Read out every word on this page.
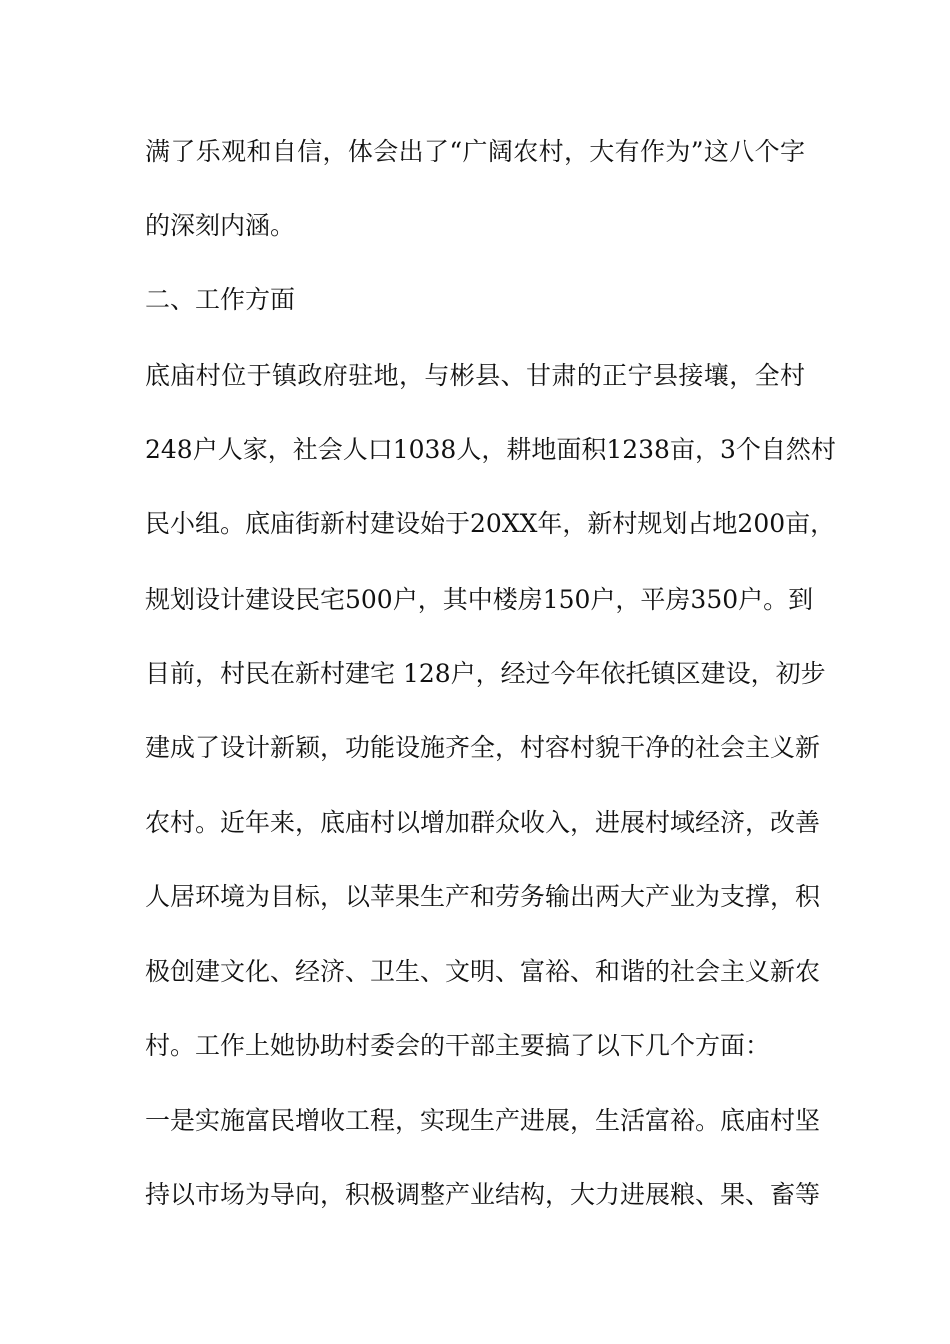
满了乐观和自信，体会出了“广阔农村，大有作为”这八个字
的深刻内涵。
二、工作方面
底庙村位于镇政府驻地，与彬县、甘肃的正宁县接壤，全村
248户人家，社会人口1038人，耕地面积1238亩，3个自然村
民小组。底庙街新村建设始于20XX年，新村规划占地200亩，
规划设计建设民宅500户，其中楼房150户，平房350户。到
目前，村民在新村建宅 128户，经过今年依托镇区建设，初步
建成了设计新颖，功能设施齐全，村容村貌干净的社会主义新
农村。近年来，底庙村以增加群众收入，进展村域经济，改善
人居环境为目标，以苹果生产和劳务输出两大产业为支撑，积
极创建文化、经济、卫生、文明、富裕、和谐的社会主义新农
村。工作上她协助村委会的干部主要搞了以下几个方面：
一是实施富民增收工程，实现生产进展，生活富裕。底庙村坚
持以市场为导向，积极调整产业结构，大力进展粮、果、畜等
